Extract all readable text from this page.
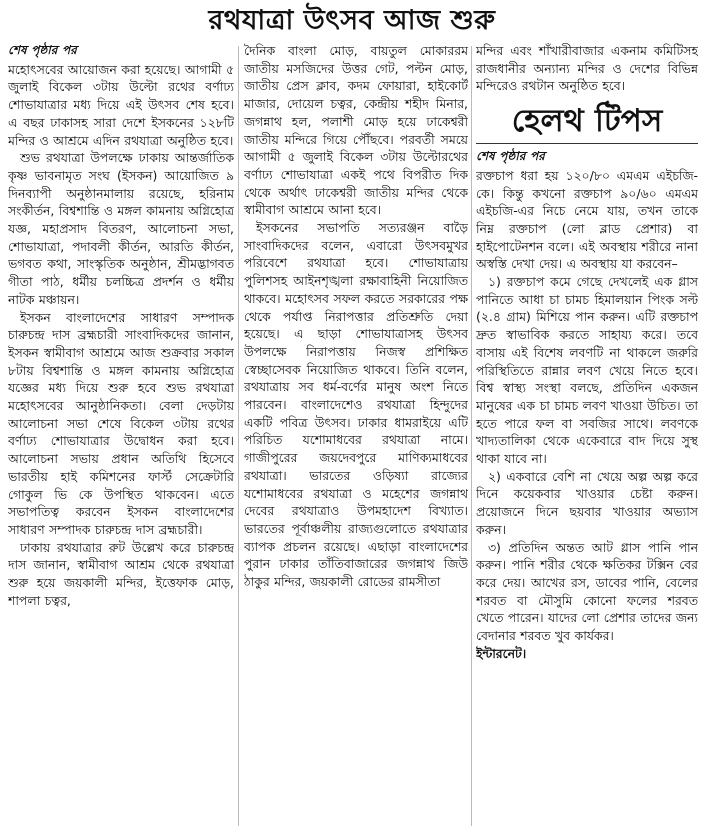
রথযাত্রা উৎসব আজ শুরু
শেষ পৃষ্ঠার পর

মহোৎসবের আয়োজন করা হয়েছে। আগামী ৫ জুলাই বিকেল ৩টায় উল্টো রথের বর্ণাঢ্য শোভাযাত্রার মধ্য দিয়ে এই উৎসব শেষ হবে। এ বছর ঢাকাসহ সারা দেশে ইসকনের ১২৮টি মন্দির ও আশ্রমে এদিন রথযাত্রা অনুষ্ঠিত হবে।

শুভ রথযাত্রা উপলক্ষে ঢাকায় আন্তর্জাতিক কৃষ্ণ ভাবনামৃত সংঘ (ইসকন) আয়োজিত ৯ দিনব্যাপী অনুষ্ঠানমালায় রয়েছে, হরিনাম সংকীর্তন, বিশ্বশান্তি ও মঙ্গল কামনায় অগ্নিহোত্র যজ্ঞ, মহাপ্রসাদ বিতরণ, আলোচনা সভা, শোভাযাত্রা, পদাবলী কীর্তন, আরতি কীর্তন, ভগবত কথা, সাংস্কৃতিক অনুষ্ঠান, শ্রীমদ্ভাগবত গীতা পাঠ, ধর্মীয় চলচ্চিত্র প্রদর্শন ও ধর্মীয় নাটক মঞ্চায়ন।

ইসকন বাংলাদেশের সাধারণ সম্পাদক চারুচন্দ্র দাস ব্রহ্মচারী সাংবাদিকদের জানান, ইসকন স্বামীবাগ আশ্রমে আজ শুক্রবার সকাল ৮টায় বিশ্বশান্তি ও মঙ্গল কামনায় অগ্নিহোত্র যজ্ঞের মধ্য দিয়ে শুরু হবে শুভ রথযাত্রা মহোৎসবের আনুষ্ঠানিকতা। বেলা দেড়টায় আলোচনা সভা শেষে বিকেল ৩টায় রথের বর্ণাঢ্য শোভাযাত্রার উদ্বোধন করা হবে। আলোচনা সভায় প্রধান অতিথি হিসেবে ভারতীয় হাই কমিশনের ফার্স্ট সেক্রেটারি গোকুল ভি কে উপস্থিত থাকবেন। এতে সভাপতিত্ব করবেন ইসকন বাংলাদেশের সাধারণ সম্পাদক চারুচন্দ্র দাস ব্রহ্মচারী।

ঢাকায় রথযাত্রার রুট উল্লেখ করে চারুচন্দ্র দাস জানান, স্বামীবাগ আশ্রম থেকে রথযাত্রা শুরু হয়ে জয়কালী মন্দির, ইত্তেফাক মোড়, শাপলা চত্বর,

দৈনিক বাংলা মোড়, বায়তুল মোকাররম জাতীয় মসজিদের উত্তর গেট, পল্টন মোড়, জাতীয় প্রেস ক্লাব, কদম ফোয়ারা, হাইকোর্ট মাজার, দোয়েল চত্বর, কেন্দ্রীয় শহীদ মিনার, জগন্নাথ হল, পলাশী মোড় হয়ে ঢাকেশ্বরী জাতীয় মন্দিরে গিয়ে পৌঁছবে। পরবর্তী সময়ে আগামী ৫ জুলাই বিকেল ৩টায় উল্টোরথের বর্ণাঢ্য শোভাযাত্রা একই পথে বিপরীত দিক থেকে অর্থাৎ ঢাকেশ্বরী জাতীয় মন্দির থেকে স্বামীবাগ আশ্রমে আনা হবে।

ইসকনের সভাপতি সত্যরঞ্জন বাড়ৈ সাংবাদিকদের বলেন, এবারো উৎসবমুখর পরিবেশে রথযাত্রা হবে। শোভাযাত্রায় পুলিশসহ আইনশৃঙ্খলা রক্ষাবাহিনী নিয়োজিত থাকবে। মহোৎসব সফল করতে সরকারের পক্ষ থেকে পর্যাপ্ত নিরাপত্তার প্রতিশ্রুতি দেয়া হয়েছে। এ ছাড়া শোভাযাত্রাসহ উৎসব উপলক্ষে নিরাপত্তায় নিজস্ব প্রশিক্ষিত স্বেচ্ছাসেবক নিয়োজিত থাকবে। তিনি বলেন, রথযাত্রায় সব ধর্ম-বর্ণের মানুষ অংশ নিতে পারবেন। বাংলাদেশেও রথযাত্রা হিন্দুদের একটি পবিত্র উৎসব। ঢাকার ধামরাইয়ে এটি পরিচিত যশোমাধবের রথযাত্রা নামে। গাজীপুরের জয়দেবপুরে মাণিক্যমাধবের রথযাত্রা। ভারতের ওড়িষ্যা রাজ্যের যশোমাধবের রথযাত্রা ও মহেশের জগন্নাথ দেবের রথযাত্রাও উপমহাদেশ বিখ্যাত। ভারতের পূর্বাঞ্চলীয় রাজ্যগুলোতে রথযাত্রার ব্যাপক প্রচলন রয়েছে। এছাড়া বাংলাদেশের পুরান ঢাকার তাঁতিবাজারের জগন্নাথ জিউ ঠাকুর মন্দির, জয়কালী রোডের রামসীতা

মন্দির এবং শাঁখারীবাজার একনাম কমিটিসহ রাজধানীর অন্যান্য মন্দির ও দেশের বিভিন্ন মন্দিরেও রথটান অনুষ্ঠিত হবে।

হেলথ টিপস
শেষ পৃষ্ঠার পর

রক্তচাপ ধরা হয় ১২০/৮০ এমএম এইচজি-কে। কিন্তু কখনো রক্তচাপ ৯০/৬০ এমএম এইচজি-এর নিচে নেমে যায়, তখন তাকে নিম্ন রক্তচাপ (লো ব্লাড প্রেশার) বা হাইপোটেনশন বলে। এই অবস্থায় শরীরে নানা অস্বস্তি দেখা দেয়। এ অবস্থায় যা করবেন–

১) রক্তচাপ কমে গেছে দেখলেই এক গ্লাস পানিতে আধা চা চামচ হিমালয়ান পিংক সল্ট (২.৪ গ্রাম) মিশিয়ে পান করুন। এটি রক্তচাপ দ্রুত স্বাভাবিক করতে সাহায্য করে। তবে বাসায় এই বিশেষ লবণটি না থাকলে জরুরি পরিস্থিতিতে রান্নার লবণ খেয়ে নিতে হবে। বিশ্ব স্বাস্থ্য সংস্থা বলছে, প্রতিদিন একজন মানুষের এক চা চামচ লবণ খাওয়া উচিত। তা হতে পারে ফল বা সবজির সাথে। লবণকে খাদ্যতালিকা থেকে একেবারে বাদ দিয়ে সুস্থ থাকা যাবে না।

২) একবারে বেশি না খেয়ে অল্প অল্প করে দিনে কয়েকবার খাওয়ার চেষ্টা করুন। প্রয়োজনে দিনে ছয়বার খাওয়ার অভ্যাস করুন।

৩) প্রতিদিন অন্তত আট গ্লাস পানি পান করুন। পানি শরীর থেকে ক্ষতিকর টক্সিন বের করে দেয়। আখের রস, ডাবের পানি, বেলের শরবত বা মৌসুমি কোনো ফলের শরবত খেতে পারেন। যাদের লো প্রেশার তাদের জন্য বেদানার শরবত খুব কার্যকর।

ইন্টারনেট।
